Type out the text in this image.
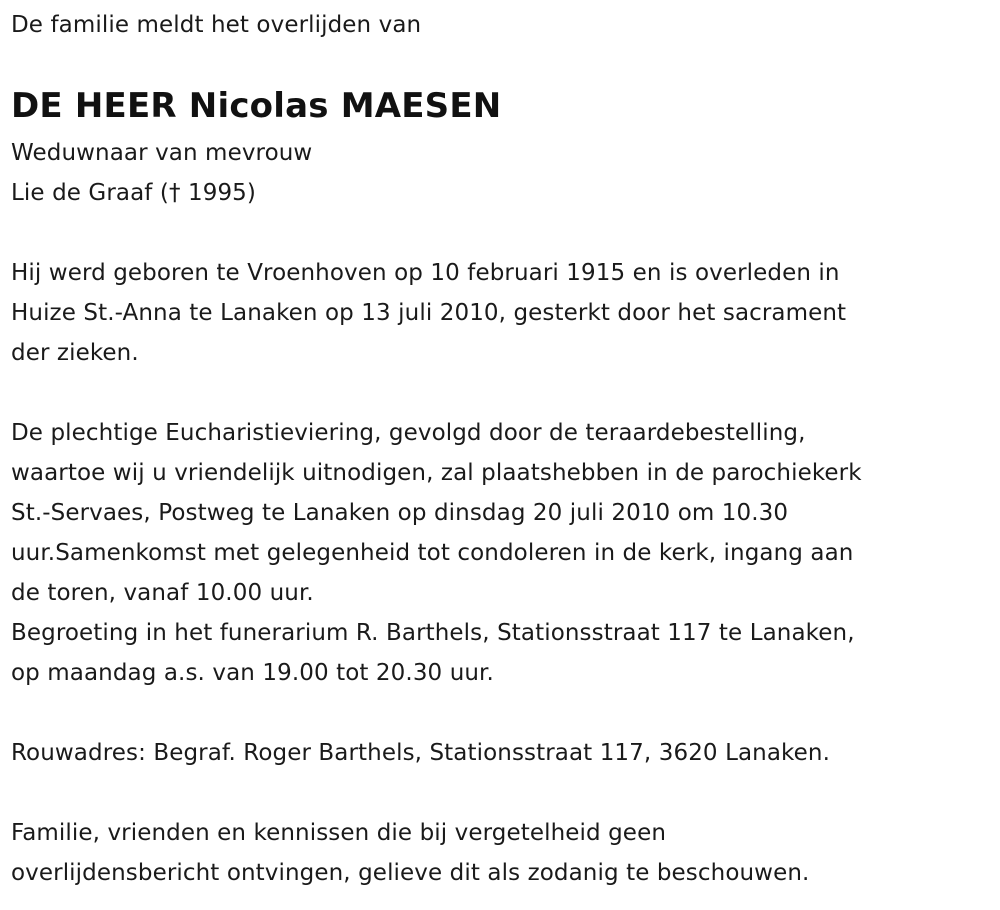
De familie meldt het overlijden van
DE HEER Nicolas MAESEN
Weduwnaar van mevrouw
Lie de Graaf († 1995)
Hij werd geboren te Vroenhoven op 10 februari 1915 en is overleden in
Huize St.-Anna te Lanaken op 13 juli 2010, gesterkt door het sacrament
der zieken.
De plechtige Eucharistieviering, gevolgd door de teraardebestelling,
waartoe wij u vriendelijk uitnodigen, zal plaatshebben in de parochiekerk
St.-Servaes, Postweg te Lanaken op dinsdag 20 juli 2010 om 10.30
uur.Samenkomst met gelegenheid tot condoleren in de kerk, ingang aan
de toren, vanaf 10.00 uur.
Begroeting in het funerarium R. Barthels, Stationsstraat 117 te Lanaken,
op maandag a.s. van 19.00 tot 20.30 uur.
Rouwadres: Begraf. Roger Barthels, Stationsstraat 117, 3620 Lanaken.
Familie, vrienden en kennissen die bij vergetelheid geen
overlijdensbericht ontvingen, gelieve dit als zodanig te beschouwen.
